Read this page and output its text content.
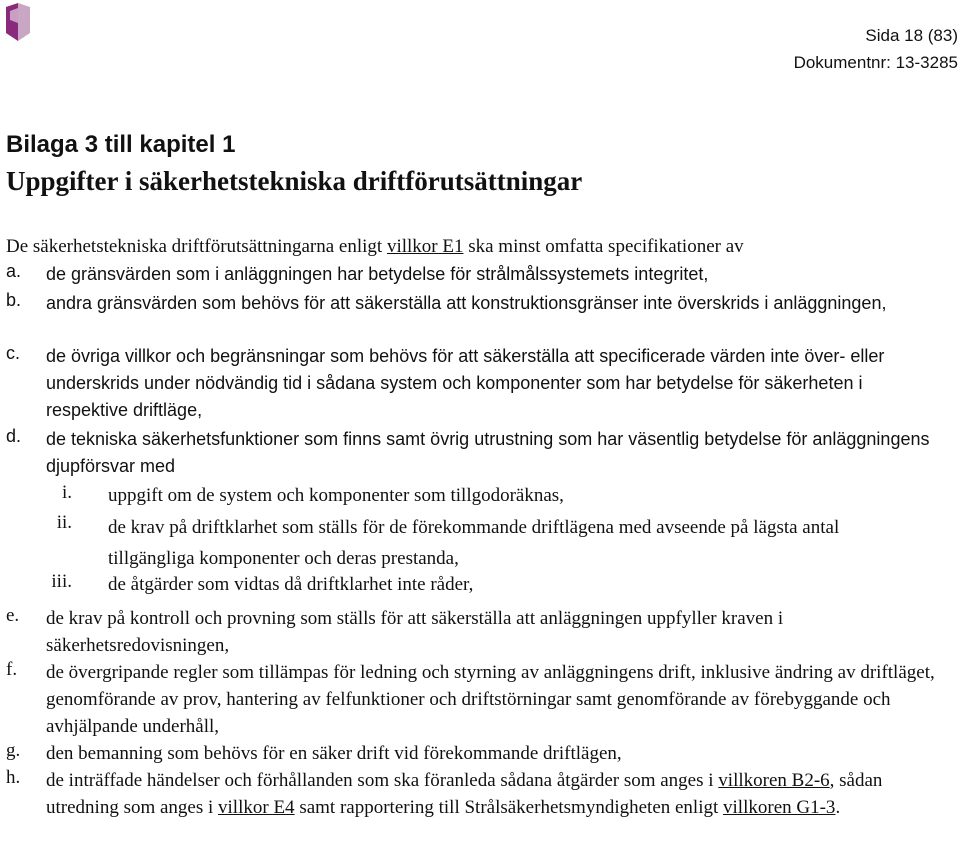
Sida 18 (83)
Dokumentnr: 13-3285
Bilaga 3 till kapitel 1
Uppgifter i säkerhetstekniska driftförutsättningar
De säkerhetstekniska driftförutsättningarna enligt villkor E1 ska minst omfatta specifikationer av
a. de gränsvärden som i anläggningen har betydelse för strålmålssystemets integritet,
b. andra gränsvärden som behövs för att säkerställa att konstruktionsgränser inte överskrids i anläggningen,
c. de övriga villkor och begränsningar som behövs för att säkerställa att specificerade värden inte över- eller underskrids under nödvändig tid i sådana system och komponenter som har betydelse för säkerheten i respektive driftläge,
d. de tekniska säkerhetsfunktioner som finns samt övrig utrustning som har väsentlig betydelse för anläggningens djupförsvar med
i. uppgift om de system och komponenter som tillgodoräknas,
ii. de krav på driftklarhet som ställs för de förekommande driftlägena med avseende på lägsta antal tillgängliga komponenter och deras prestanda,
iii. de åtgärder som vidtas då driftklarhet inte råder,
e. de krav på kontroll och provning som ställs för att säkerställa att anläggningen uppfyller kraven i säkerhetsredovisningen,
f. de övergripande regler som tillämpas för ledning och styrning av anläggningens drift, inklusive ändring av driftläget, genomförande av prov, hantering av felfunktioner och driftstörningar samt genomförande av förebyggande och avhjälpande underhåll,
g. den bemanning som behövs för en säker drift vid förekommande driftlägen,
h. de inträffade händelser och förhållanden som ska föranleda sådana åtgärder som anges i villkoren B2-6, sådan utredning som anges i villkor E4 samt rapportering till Strålsäkerhetsmyndigheten enligt villkoren G1-3.
